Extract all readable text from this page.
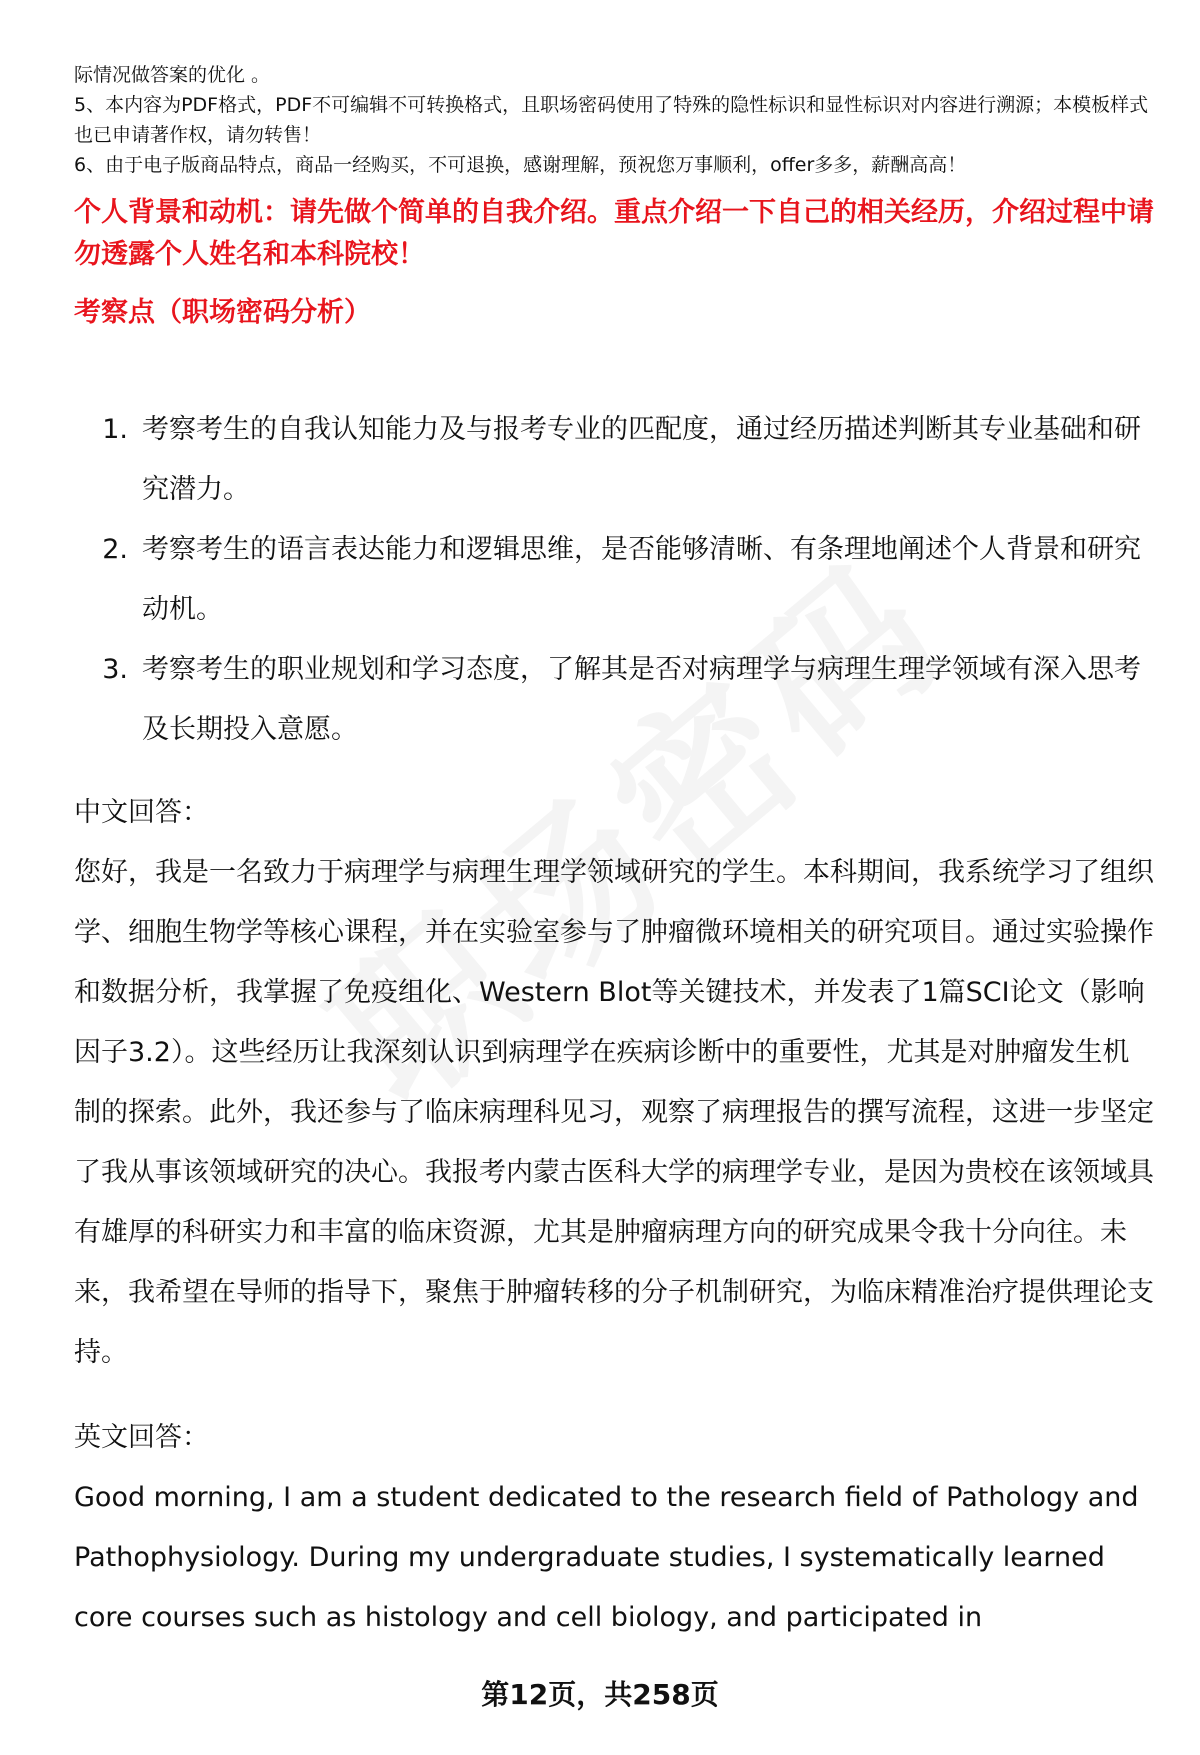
际情况做答案的优化 。

5、本内容为PDF格式，PDF不可编辑不可转换格式，且职场密码使用了特殊的隐性标识和显性标识对内容进行溯源；本模板样式也已申请著作权，请勿转售！

6、由于电子版商品特点，商品一经购买，不可退换，感谢理解，预祝您万事顺利，offer多多，薪酬高高！

个人背景和动机：请先做个简单的自我介绍。重点介绍一下自己的相关经历，介绍过程中请勿透露个人姓名和本科院校！
考察点（职场密码分析）
1. 考察考生的自我认知能力及与报考专业的匹配度，通过经历描述判断其专业基础和研究潜力。
2. 考察考生的语言表达能力和逻辑思维，是否能够清晰、有条理地阐述个人背景和研究动机。
3. 考察考生的职业规划和学习态度，了解其是否对病理学与病理生理学领域有深入思考及长期投入意愿。
中文回答：
您好，我是一名致力于病理学与病理生理学领域研究的学生。本科期间，我系统学习了组织学、细胞生物学等核心课程，并在实验室参与了肿瘤微环境相关的研究项目。通过实验操作和数据分析，我掌握了免疫组化、Western Blot等关键技术，并发表了1篇SCI论文（影响因子3.2）。这些经历让我深刻认识到病理学在疾病诊断中的重要性，尤其是对肿瘤发生机制的探索。此外，我还参与了临床病理科见习，观察了病理报告的撰写流程，这进一步坚定了我从事该领域研究的决心。我报考内蒙古医科大学的病理学专业，是因为贵校在该领域具有雄厚的科研实力和丰富的临床资源，尤其是肿瘤病理方向的研究成果令我十分向往。未来，我希望在导师的指导下，聚焦于肿瘤转移的分子机制研究，为临床精准治疗提供理论支持。
英文回答：
Good morning, I am a student dedicated to the research field of Pathology and Pathophysiology. During my undergraduate studies, I systematically learned core courses such as histology and cell biology, and participated in
第12页，共258页
